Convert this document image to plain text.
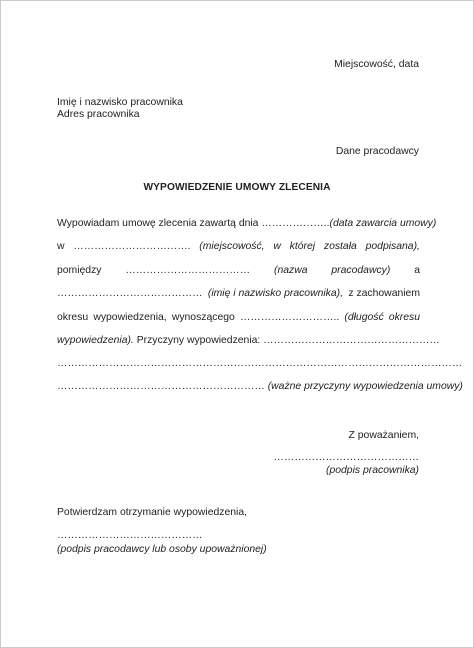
Miejscowość, data
Imię i nazwisko pracownika
Adres pracownika
Dane pracodawcy
WYPOWIEDZENIE UMOWY ZLECENIA
Wypowiadam umowę zlecenia zawartą dnia ……………….. (data zawarcia umowy)
w ……………………………. (miejscowość, w której została podpisana),
pomiędzy ……………………………… (nazwa pracodawcy) a
…………………………………… (imię i nazwisko pracownika), z zachowaniem
okresu wypowiedzenia, wynoszącego ……………………….. (długość okresu
wypowiedzenia). Przyczyny wypowiedzenia: ……………………………………………
………………………………………………………………………………………………………
…………………………………………………… (ważne przyczyny wypowiedzenia umowy)
Z poważaniem,
……………………………………
(podpis pracownika)
Potwierdzam otrzymanie wypowiedzenia,
……………………………………
(podpis pracodawcy lub osoby upoważnionej)
